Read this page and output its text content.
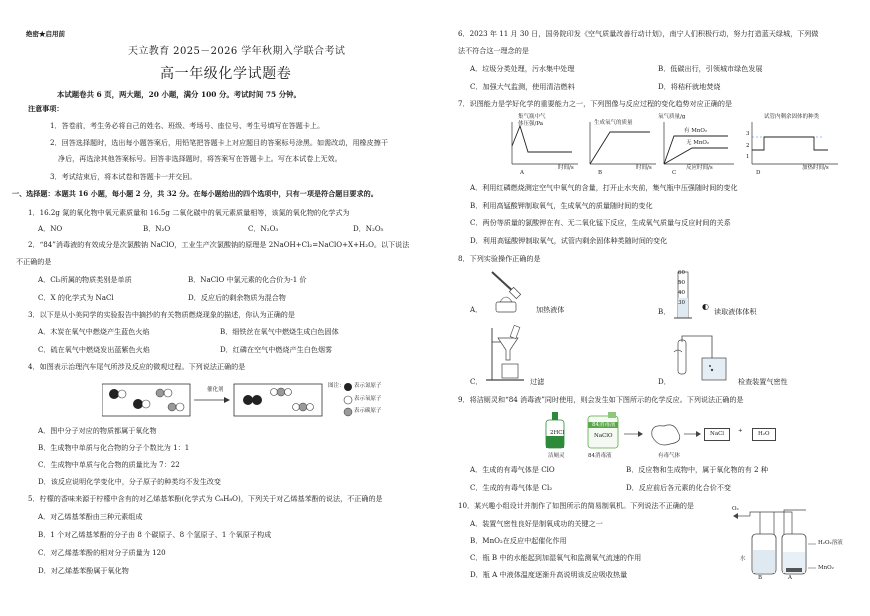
绝密★启用前
天立教育 2025－2026 学年秋期入学联合考试
高一年级化学试题卷
本试题卷共 6 页，两大题，20 小题，满分 100 分。考试时间 75 分钟。
注意事项：
1．答卷前，考生务必将自己的姓名、班级、考场号、座位号、考生号填写在答题卡上。
2．回答选择题时，选出每小题答案后，用铅笔把答题卡上对应题目的答案标号涂黑。如需改动，用橡皮擦干
净后，再选涂其他答案标号。回答非选择题时，将答案写在答题卡上。写在本试卷上无效。
3．考试结束后，将本试卷和答题卡一并交回。
一、选择题：本题共 16 小题，每小题 2 分，共 32 分。在每小题给出的四个选项中，只有一项是符合题目要求的。
1．16.2g 氮的氧化物中氧元素质量和 16.5g 二氧化碳中的氧元素质量相等，该氮的氧化物的化学式为
A．NO	B．N₂O	C．N₂O₃	D．N₂O₅
2．“84”消毒液的有效成分是次氯酸钠 NaClO，工业生产次氯酸钠的原理是 2NaOH+Cl₂=NaClO+X+H₂O。以下说法
不正确的是
A．Cl₂所属的物质类别是单质	B．NaClO 中氯元素的化合价为-1 价
C．X 的化学式为 NaCl	D．反应后的剩余物质为混合物
3．以下是从小美同学的实验报告中摘抄的有关物质燃烧现象的描述，你认为正确的是
A．木炭在氧气中燃烧产生蓝色火焰	B．细铁丝在氧气中燃烧生成白色固体
C．硫在氧气中燃烧发出蓝紫色火焰	D．红磷在空气中燃烧产生白色烟雾
4．如图表示治理汽车尾气所涉及反应的微观过程。下列说法正确的是
催化剂
图注： 表示氮原子
表示氧原子
表示碳原子
A．图中分子对应的物质都属于氧化物
B．生成物中单质与化合物的分子个数比为 1：1
C．生成物中单质与化合物的质量比为 7：22
D．该反应说明化学变化中，分子原子的种类均不发生改变
5．柠檬的香味来源于柠檬中含有的对乙烯基苯酚(化学式为 C₈H₈O)，下列关于对乙烯基苯酚的说法，不正确的是
A．对乙烯基苯酚由三种元素组成
B．1 个对乙烯基苯酚的分子由 8 个碳原子、8 个氢原子、1 个氧原子构成
C．对乙烯基苯酚的相对分子质量为 120
D．对乙烯基苯酚属于氧化物
6．2023 年 11 月 30 日，国务院印发《空气质量改善行动计划》，南宁人们积极行动，努力打造蓝天绿城，下列做
法不符合这一理念的是
A．垃圾分类处理，污水集中处理	B．低碳出行，引领城市绿色发展
C．加强大气监测，使用清洁燃料	D．将秸秆就地焚烧
7．识图能力是学好化学的重要能力之一，下列图像与反应过程的变化趋势对应正确的是
集气瓶中气
体压强/Pa
时间/s
A
生成氧气的质量
时间/s
B
氧气质量/g
有 MnO₂
无 MnO₂
反应时间/s
C
试管内剩余固体的种类
3
2
1
加热时间/s
D
A．利用红磷燃烧测定空气中氧气的含量，打开止水夹前，集气瓶中压强随时间的变化
B．利用高锰酸钾制取氧气，生成氧气的质量随时间的变化
C．两份等质量的氯酸钾在有、无二氧化锰下反应，生成氧气质量与反应时间的关系
D．利用高锰酸钾制取氧气，试管内剩余固体种类随时间的变化
8．下列实验操作正确的是
A．	加热液体
60
50
40
30
B．	读取液体体积
◐
C．	过滤	D．	检查装置气密性
9．将洁厕灵和“84 消毒液”同时使用，则会发生如下图所示的化学反应。下列说法正确的是
2HCl
洁厕灵
84消毒液
NaClO
84消毒液	有毒气体
NaCl	+	H₂O
A．生成的有毒气体是 ClO	B．反应物和生成物中，属于氧化物的有 2 种
C．生成的有毒气体是 Cl₂	D．反应前后各元素的化合价不变
10．某兴趣小组设计并制作了如图所示的简易制氧机。下列说法不正确的是
A．装置气密性良好是制氧成功的关键之一
B．MnO₂在反应中起催化作用
C．瓶 B 中的水能起到加湿氧气和监测氧气流速的作用
D．瓶 A 中液体温度逐渐升高说明该反应吸收热量
O₂
水
H₂O₂溶液
MnO₂
A
B
